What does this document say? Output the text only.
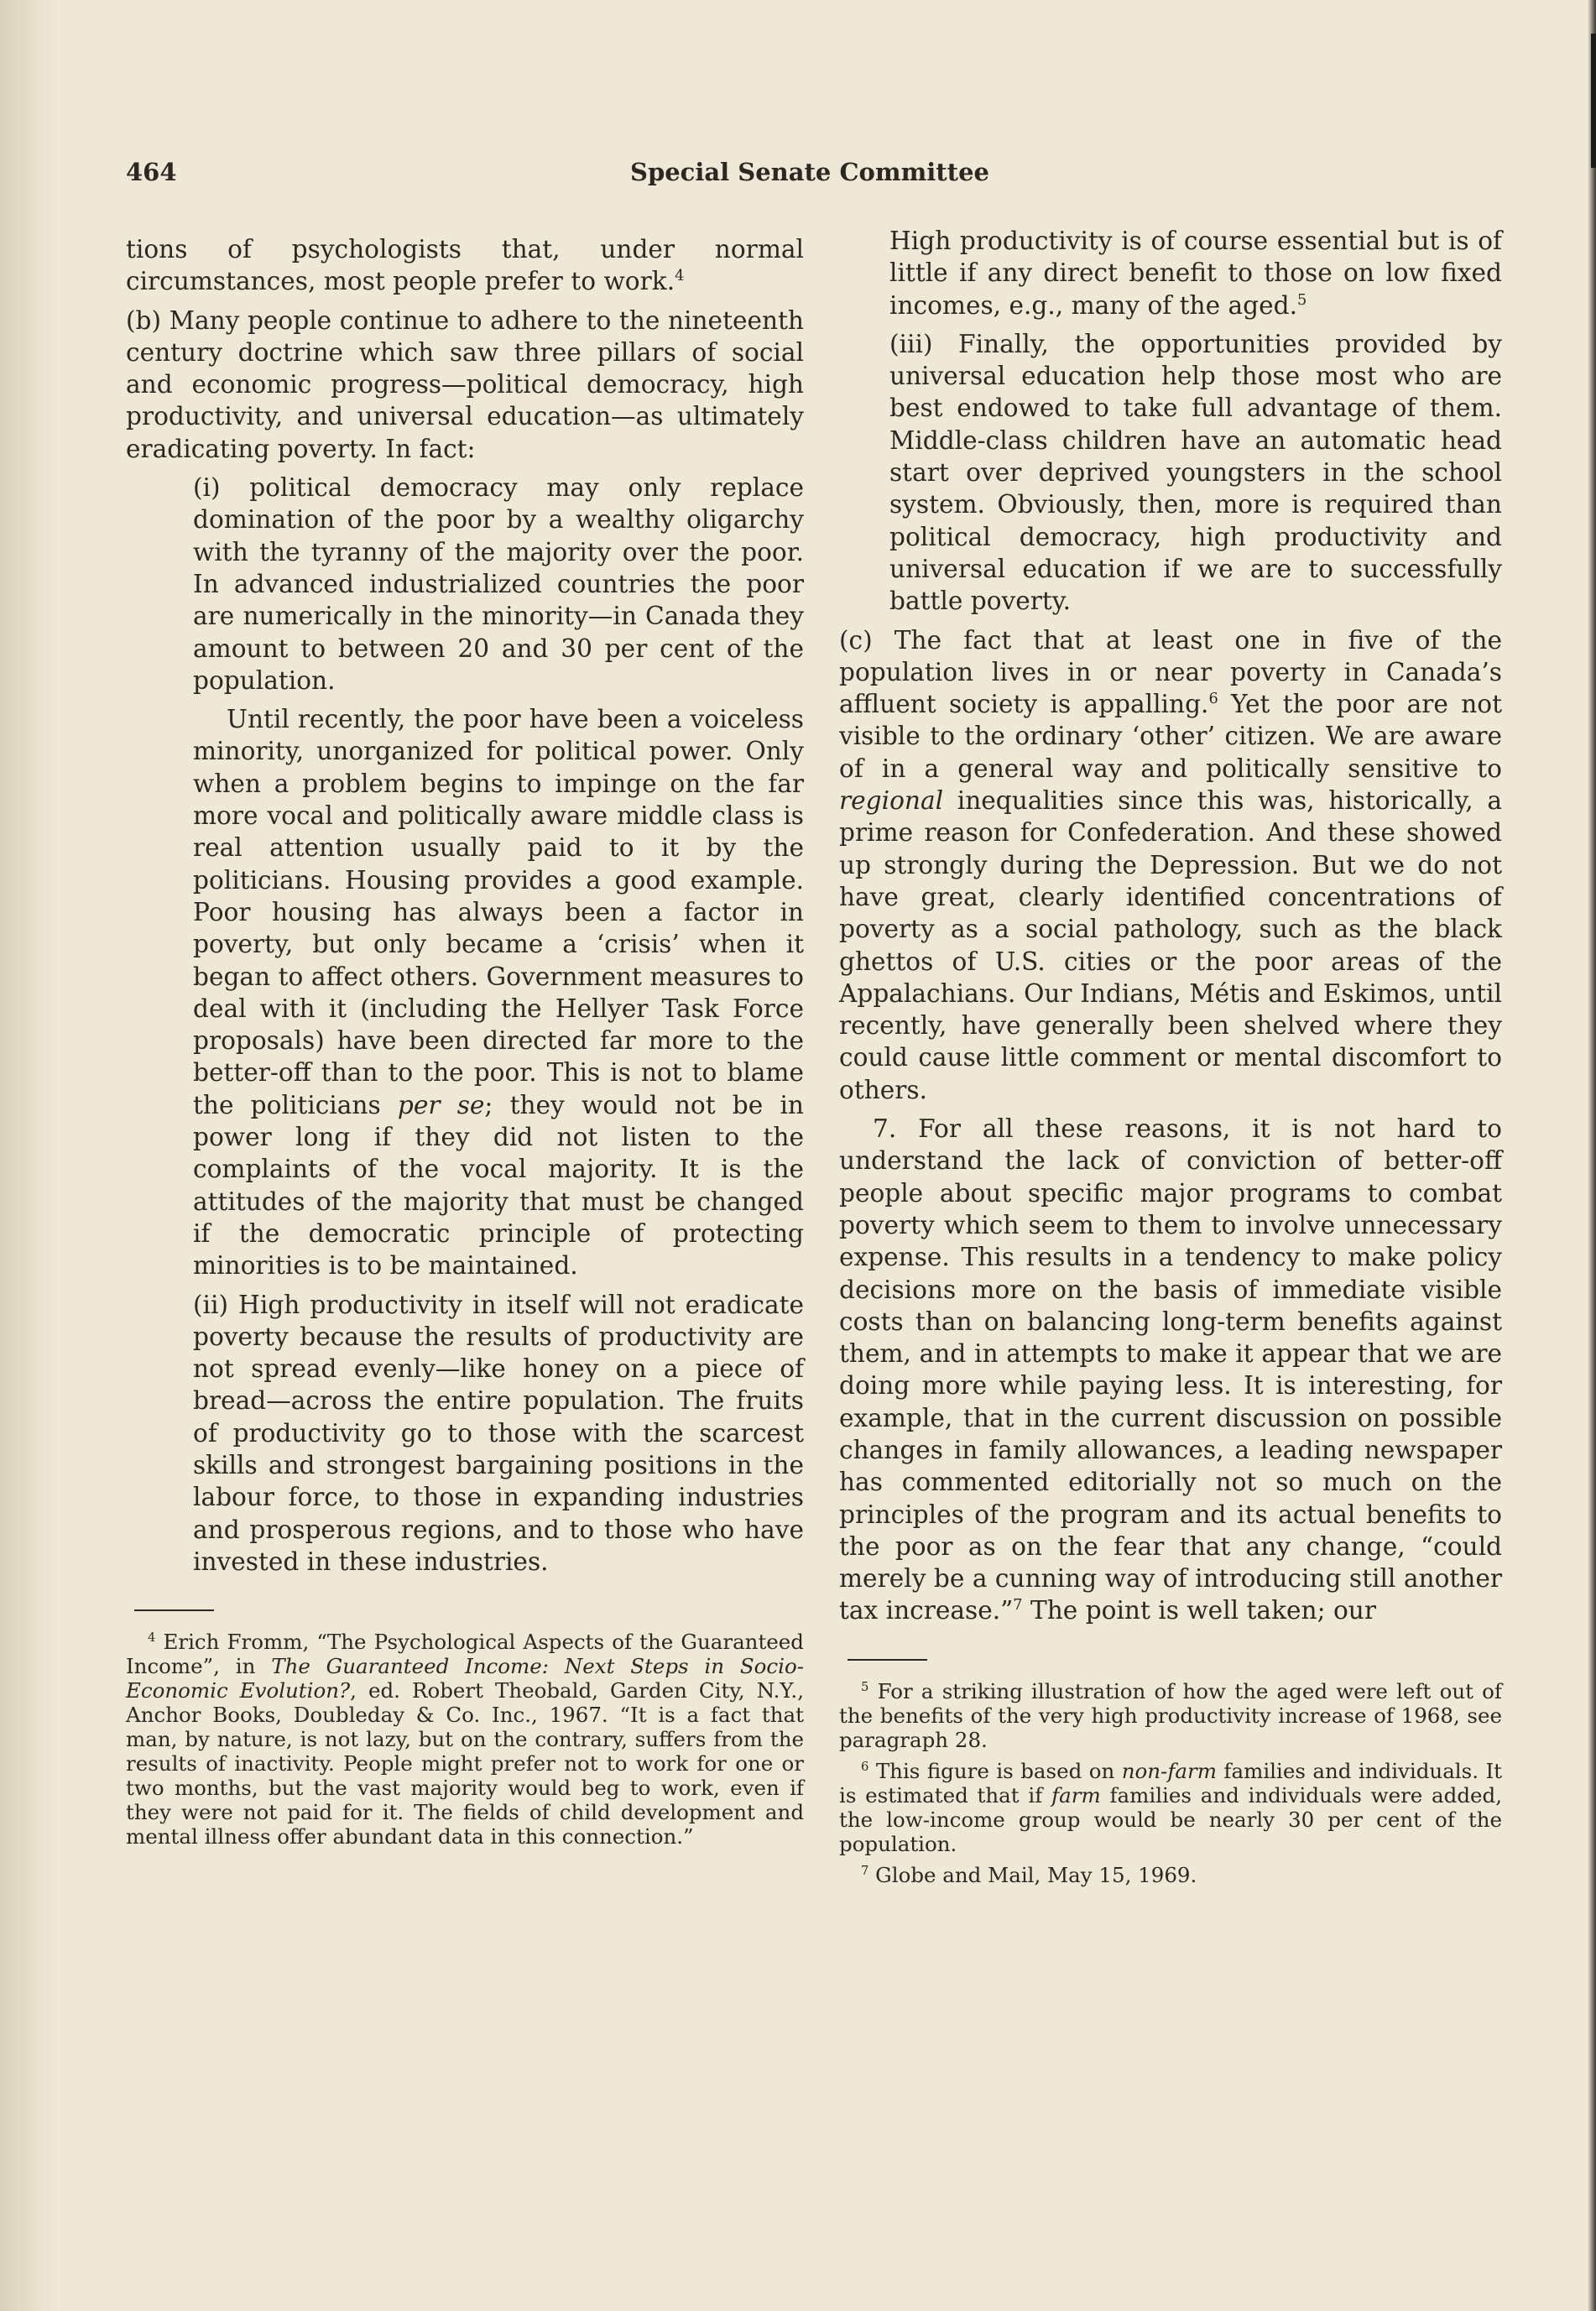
464	Special Senate Committee

tions of psychologists that, under normal circumstances, most people prefer to work.$^4$

(b) Many people continue to adhere to the nineteenth century doctrine which saw three pillars of social and economic progress—political democracy, high productivity, and universal education—as ultimately eradicating poverty. In fact:

(i) political democracy may only replace domination of the poor by a wealthy oligarchy with the tyranny of the majority over the poor. In advanced industrialized countries the poor are numerically in the minority—in Canada they amount to between 20 and 30 per cent of the population.

Until recently, the poor have been a voiceless minority, unorganized for political power. Only when a problem begins to impinge on the far more vocal and politically aware middle class is real attention usually paid to it by the politicians. Housing provides a good example. Poor housing has always been a factor in poverty, but only became a ‘crisis’ when it began to affect others. Government measures to deal with it (including the Hellyer Task Force proposals) have been directed far more to the better-off than to the poor. This is not to blame the politicians per se; they would not be in power long if they did not listen to the complaints of the vocal majority. It is the attitudes of the majority that must be changed if the democratic principle of protecting minorities is to be maintained.

(ii) High productivity in itself will not eradicate poverty because the results of productivity are not spread evenly—like honey on a piece of bread—across the entire population. The fruits of productivity go to those with the scarcest skills and strongest bargaining positions in the labour force, to those in expanding industries and prosperous regions, and to those who have invested in these industries.

$^4$ Erich Fromm, “The Psychological Aspects of the Guaranteed Income”, in The Guaranteed Income: Next Steps in Socio-Economic Evolution?, ed. Robert Theobald, Garden City, N.Y., Anchor Books, Doubleday & Co. Inc., 1967. “It is a fact that man, by nature, is not lazy, but on the contrary, suffers from the results of inactivity. People might prefer not to work for one or two months, but the vast majority would beg to work, even if they were not paid for it. The fields of child development and mental illness offer abundant data in this connection.”

High productivity is of course essential but is of little if any direct benefit to those on low fixed incomes, e.g., many of the aged.$^5$

(iii) Finally, the opportunities provided by universal education help those most who are best endowed to take full advantage of them. Middle-class children have an automatic head start over deprived youngsters in the school system. Obviously, then, more is required than political democracy, high productivity and universal education if we are to successfully battle poverty.

(c) The fact that at least one in five of the population lives in or near poverty in Canada’s affluent society is appalling.$^6$ Yet the poor are not visible to the ordinary ‘other’ citizen. We are aware of in a general way and politically sensitive to regional inequalities since this was, historically, a prime reason for Confederation. And these showed up strongly during the Depression. But we do not have great, clearly identified concentrations of poverty as a social pathology, such as the black ghettos of U.S. cities or the poor areas of the Appalachians. Our Indians, Métis and Eskimos, until recently, have generally been shelved where they could cause little comment or mental discomfort to others.

7. For all these reasons, it is not hard to understand the lack of conviction of better-off people about specific major programs to combat poverty which seem to them to involve unnecessary expense. This results in a tendency to make policy decisions more on the basis of immediate visible costs than on balancing long-term benefits against them, and in attempts to make it appear that we are doing more while paying less. It is interesting, for example, that in the current discussion on possible changes in family allowances, a leading newspaper has commented editorially not so much on the principles of the program and its actual benefits to the poor as on the fear that any change, “could merely be a cunning way of introducing still another tax increase.”$^7$ The point is well taken; our

$^5$ For a striking illustration of how the aged were left out of the benefits of the very high productivity increase of 1968, see paragraph 28.

$^6$ This figure is based on non-farm families and individuals. It is estimated that if farm families and individuals were added, the low-income group would be nearly 30 per cent of the population.

$^7$ Globe and Mail, May 15, 1969.
